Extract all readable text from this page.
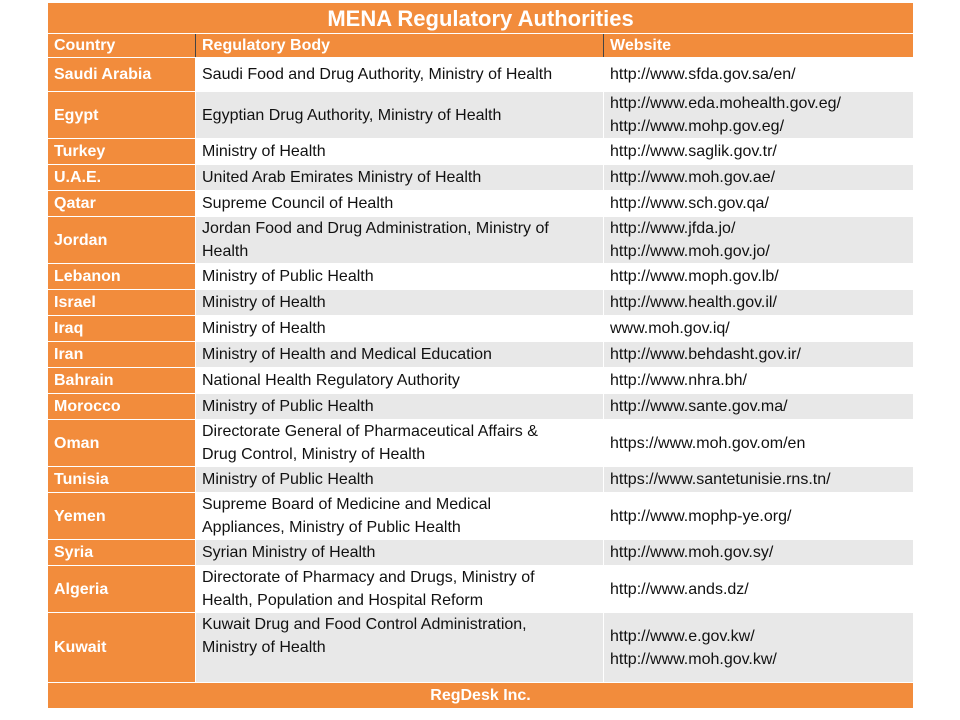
MENA Regulatory Authorities		
Country	Regulatory Body	Website
Saudi Arabia	Saudi Food and Drug Authority, Ministry of Health	http://www.sfda.gov.sa/en/

Egypt	Egyptian Drug Authority, Ministry of Health	http://www.eda.mohealth.gov.eg/
http://www.mohp.gov.eg/

Turkey	Ministry of Health	http://www.saglik.gov.tr/

U.A.E.	United Arab Emirates Ministry of Health	http://www.moh.gov.ae/

Qatar	Supreme Council of Health	http://www.sch.gov.qa/

Jordan	Jordan Food and Drug Administration, Ministry of
Health	http://www.jfda.jo/
http://www.moh.gov.jo/

Lebanon	Ministry of Public Health	http://www.moph.gov.lb/

Israel	Ministry of Health	http://www.health.gov.il/

Iraq	Ministry of Health	www.moh.gov.iq/

Iran	Ministry of Health and Medical Education	http://www.behdasht.gov.ir/

Bahrain	National Health Regulatory Authority	http://www.nhra.bh/

Morocco	Ministry of Public Health	http://www.sante.gov.ma/

Oman	Directorate General of Pharmaceutical Affairs &
Drug Control, Ministry of Health	https://www.moh.gov.om/en

Tunisia	Ministry of Public Health	https://www.santetunisie.rns.tn/

Yemen	Supreme Board of Medicine and Medical
Appliances, Ministry of Public Health	http://www.mophp-ye.org/

Syria	Syrian Ministry of Health	http://www.moh.gov.sy/

Algeria	Directorate of Pharmacy and Drugs, Ministry of
Health, Population and Hospital Reform	http://www.ands.dz/

Kuwait	Kuwait Drug and Food Control Administration,
Ministry of Health	http://www.e.gov.kw/
http://www.moh.gov.kw/

RegDesk Inc.		
